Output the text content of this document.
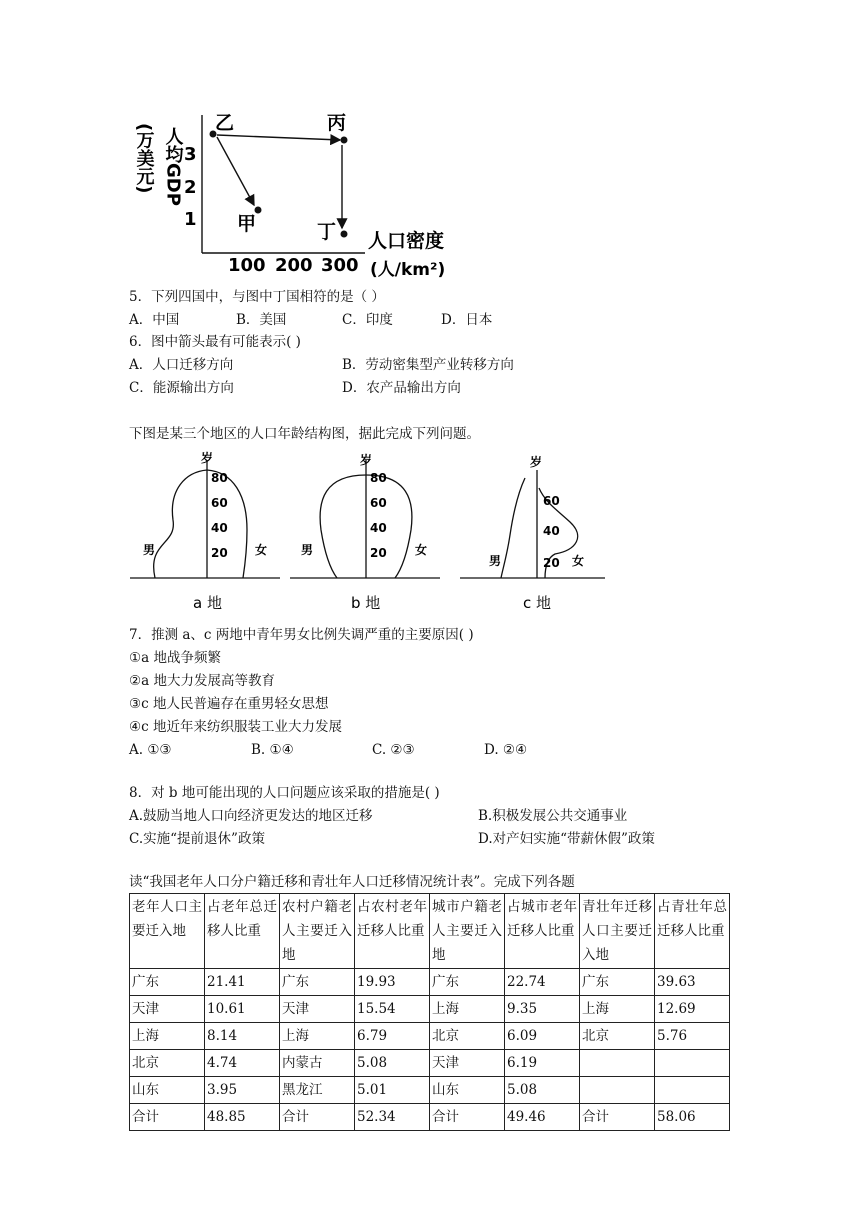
人均GDP
(万美元)
1
2
3
100 200 300
人口密度
(人/km²)
乙	丙
甲	丁
5．下列四国中，与图中丁国相符的是（ ）
A．中国	B．美国	C．印度	D．日本
6．图中箭头最有可能表示( )
A．人口迁移方向	B．劳动密集型产业转移方向
C．能源输出方向	D．农产品输出方向
下图是某三个地区的人口年龄结构图，据此完成下列问题。
岁
80
60
40
20
男	女
a 地
岁
80
60
40
20
男	女
b 地
岁
60
40
20
男	女
c 地
7．推测 a、c 两地中青年男女比例失调严重的主要原因( )
①a 地战争频繁
②a 地大力发展高等教育
③c 地人民普遍存在重男轻女思想
④c 地近年来纺织服装工业大力发展
A. ①③	B. ①④	C. ②③	D. ②④
8．对 b 地可能出现的人口问题应该采取的措施是( )
A.鼓励当地人口向经济更发达的地区迁移	B.积极发展公共交通事业
C.实施“提前退休”政策	D.对产妇实施“带薪休假”政策
读“我国老年人口分户籍迁移和青壮年人口迁移情况统计表”。完成下列各题
老年人口主要迁入地	占老年总迁移人比重	农村户籍老人主要迁入地	占农村老年迁移人比重	城市户籍老人主要迁入地	占城市老年迁移人比重	青壮年迁移人口主要迁入地	占青壮年总迁移人比重
广东	21.41	广东	19.93	广东	22.74	广东	39.63
天津	10.61	天津	15.54	上海	9.35	上海	12.69
上海	8.14	上海	6.79	北京	6.09	北京	5.76
北京	4.74	内蒙古	5.08	天津	6.19		
山东	3.95	黑龙江	5.01	山东	5.08		
合计	48.85	合计	52.34	合计	49.46	合计	58.06
